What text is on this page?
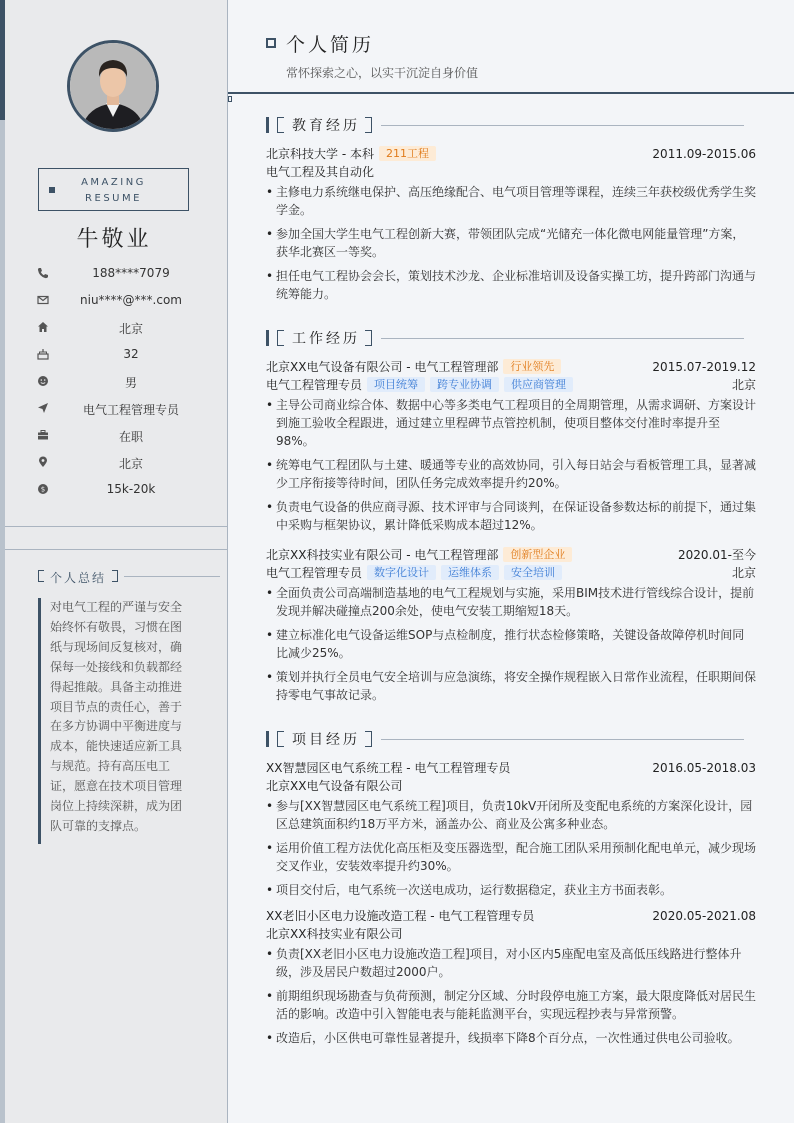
AMAZING
RESUME
牛敬业
188****7079
niu****@***.com
北京
32
男
电气工程管理专员
在职
北京
$	15k-20k
个人总结
对电气工程的严谨与安全始终怀有敬畏，习惯在图纸与现场间反复核对，确保每一处接线和负载都经得起推敲。具备主动推进项目节点的责任心，善于在多方协调中平衡进度与成本，能快速适应新工具与规范。持有高压电工证，愿意在技术项目管理岗位上持续深耕，成为团队可靠的支撑点。
个人简历
常怀探索之心，以实干沉淀自身价值
教育经历
北京科技大学 - 本科 211工程	2011.09-2015.06
电气工程及其自动化
• 主修电力系统继电保护、高压绝缘配合、电气项目管理等课程，连续三年获校级优秀学生奖学金。
• 参加全国大学生电气工程创新大赛，带领团队完成“光储充一体化微电网能量管理”方案，获华北赛区一等奖。
• 担任电气工程协会会长，策划技术沙龙、企业标准培训及设备实操工坊，提升跨部门沟通与统筹能力。
工作经历
北京XX电气设备有限公司 - 电气工程管理部 行业领先	2015.07-2019.12
电气工程管理专员 项目统筹 跨专业协调 供应商管理	北京
• 主导公司商业综合体、数据中心等多类电气工程项目的全周期管理，从需求调研、方案设计到施工验收全程跟进，通过建立里程碑节点管控机制，使项目整体交付准时率提升至98%。
• 统筹电气工程团队与土建、暖通等专业的高效协同，引入每日站会与看板管理工具，显著减少工序衔接等待时间，团队任务完成效率提升约20%。
• 负责电气设备的供应商寻源、技术评审与合同谈判，在保证设备参数达标的前提下，通过集中采购与框架协议，累计降低采购成本超过12%。
北京XX科技实业有限公司 - 电气工程管理部 创新型企业	2020.01-至今
电气工程管理专员 数字化设计 运维体系 安全培训	北京
• 全面负责公司高端制造基地的电气工程规划与实施，采用BIM技术进行管线综合设计，提前发现并解决碰撞点200余处，使电气安装工期缩短18天。
• 建立标准化电气设备运维SOP与点检制度，推行状态检修策略，关键设备故障停机时间同比减少25%。
• 策划并执行全员电气安全培训与应急演练，将安全操作规程嵌入日常作业流程，任职期间保持零电气事故记录。
项目经历
XX智慧园区电气系统工程 - 电气工程管理专员	2016.05-2018.03
北京XX电气设备有限公司
• 参与[XX智慧园区电气系统工程]项目，负责10kV开闭所及变配电系统的方案深化设计，园区总建筑面积约18万平方米，涵盖办公、商业及公寓多种业态。
• 运用价值工程方法优化高压柜及变压器选型，配合施工团队采用预制化配电单元，减少现场交叉作业，安装效率提升约30%。
• 项目交付后，电气系统一次送电成功，运行数据稳定，获业主方书面表彰。
XX老旧小区电力设施改造工程 - 电气工程管理专员	2020.05-2021.08
北京XX科技实业有限公司
• 负责[XX老旧小区电力设施改造工程]项目，对小区内5座配电室及高低压线路进行整体升级，涉及居民户数超过2000户。
• 前期组织现场勘查与负荷预测，制定分区域、分时段停电施工方案，最大限度降低对居民生活的影响。改造中引入智能电表与能耗监测平台，实现远程抄表与异常预警。
• 改造后，小区供电可靠性显著提升，线损率下降8个百分点，一次性通过供电公司验收。
